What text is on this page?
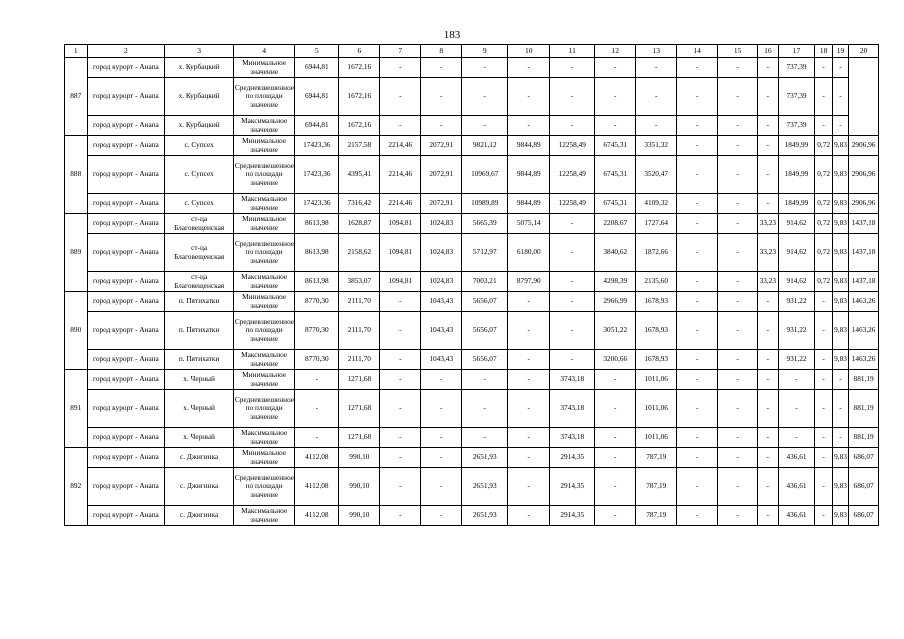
183
1	2	3	4	5	6	7	8	9	10	11	12	13	14	15	16	17	18	19	20
887	город курорт - Анапа	х. Курбацкий	Минимальное значение	6944,81	1672,16	-	-	-	-	-	-	-	-	-	-	737,39	-	-	
	город курорт - Анапа	х. Курбацкий	Средневзвешенное по площади значение	6944,81	1672,16	-	-	-	-	-	-	-	-	-	-	737,39	-	-	
	город курорт - Анапа	х. Курбацкий	Максимальное значение	6944,81	1672,16	-	-	-	-	-	-	-	-	-	-	737,39	-	-	
888	город курорт - Анапа	с. Супсех	Минимальное значение	17423,36	2157,58	2214,46	2072,91	9821,12	9844,89	12258,49	6745,31	3351,32	-	-	-	1849,99	0,72	9,83	2906,96
	город курорт - Анапа	с. Супсех	Средневзвешенное по площади значение	17423,36	4395,41	2214,46	2072,91	10969,67	9844,89	12258,49	6745,31	3520,47	-	-	-	1849,99	0,72	9,83	2906,96
	город курорт - Анапа	с. Супсех	Максимальное значение	17423,36	7316,42	2214,46	2072,91	10989,89	9844,89	12258,49	6745,31	4109,32	-	-	-	1849,99	0,72	9,83	2906,96
889	город курорт - Анапа	ст-ца Благовещенская	Минимальное значение	8613,98	1628,87	1094,81	1024,83	5665,39	5075,14	-	2208,67	1727,64	-	-	33,23	914,62	0,72	9,83	1437,18
	город курорт - Анапа	ст-ца Благовещенская	Средневзвешенное по площади значение	8613,98	2158,62	1094,81	1024,83	5712,97	6180,00	-	3840,62	1872,66	-	-	33,23	914,62	0,72	9,83	1437,18
	город курорт - Анапа	ст-ца Благовещенская	Максимальное значение	8613,98	3853,07	1094,81	1024,83	7003,21	8797,90	-	4298,39	2135,60	-	-	33,23	914,62	0,72	9,83	1437,18
890	город курорт - Анапа	п. Пятихатки	Минимальное значение	8770,30	2111,70	-	1043,43	5656,07	-	-	2966,99	1678,93	-	-	-	931,22	-	9,83	1463,26
	город курорт - Анапа	п. Пятихатки	Средневзвешенное по площади значение	8770,30	2111,70	-	1043,43	5656,07	-	-	3051,22	1678,93	-	-	-	931,22	-	9,83	1463,26
	город курорт - Анапа	п. Пятихатки	Максимальное значение	8770,30	2111,70	-	1043,43	5656,07	-	-	3200,66	1678,93	-	-	-	931,22	-	9,83	1463,26
891	город курорт - Анапа	х. Черный	Минимальное значение	-	1271,68	-	-	-	-	3743,18	-	1011,06	-	-	-	-	-	-	881,19
	город курорт - Анапа	х. Черный	Средневзвешенное по площади значение	-	1271,68	-	-	-	-	3743,18	-	1011,06	-	-	-	-	-	-	881,19
	город курорт - Анапа	х. Черный	Максимальное значение	-	1271,68	-	-	-	-	3743,18	-	1011,06	-	-	-	-	-	-	881,19
892	город курорт - Анапа	с. Джигинка	Минимальное значение	4112,08	990,10	-	-	2651,93	-	2914,35	-	787,19	-	-	-	436,61	-	9,83	686,07
	город курорт - Анапа	с. Джигинка	Средневзвешенное по площади значение	4112,08	990,10	-	-	2651,93	-	2914,35	-	787,19	-	-	-	436,61	-	9,83	686,07
	город курорт - Анапа	с. Джигинка	Максимальное значение	4112,08	990,10	-	-	2651,93	-	2914,35	-	787,19	-	-	-	436,61	-	9,83	686,07
